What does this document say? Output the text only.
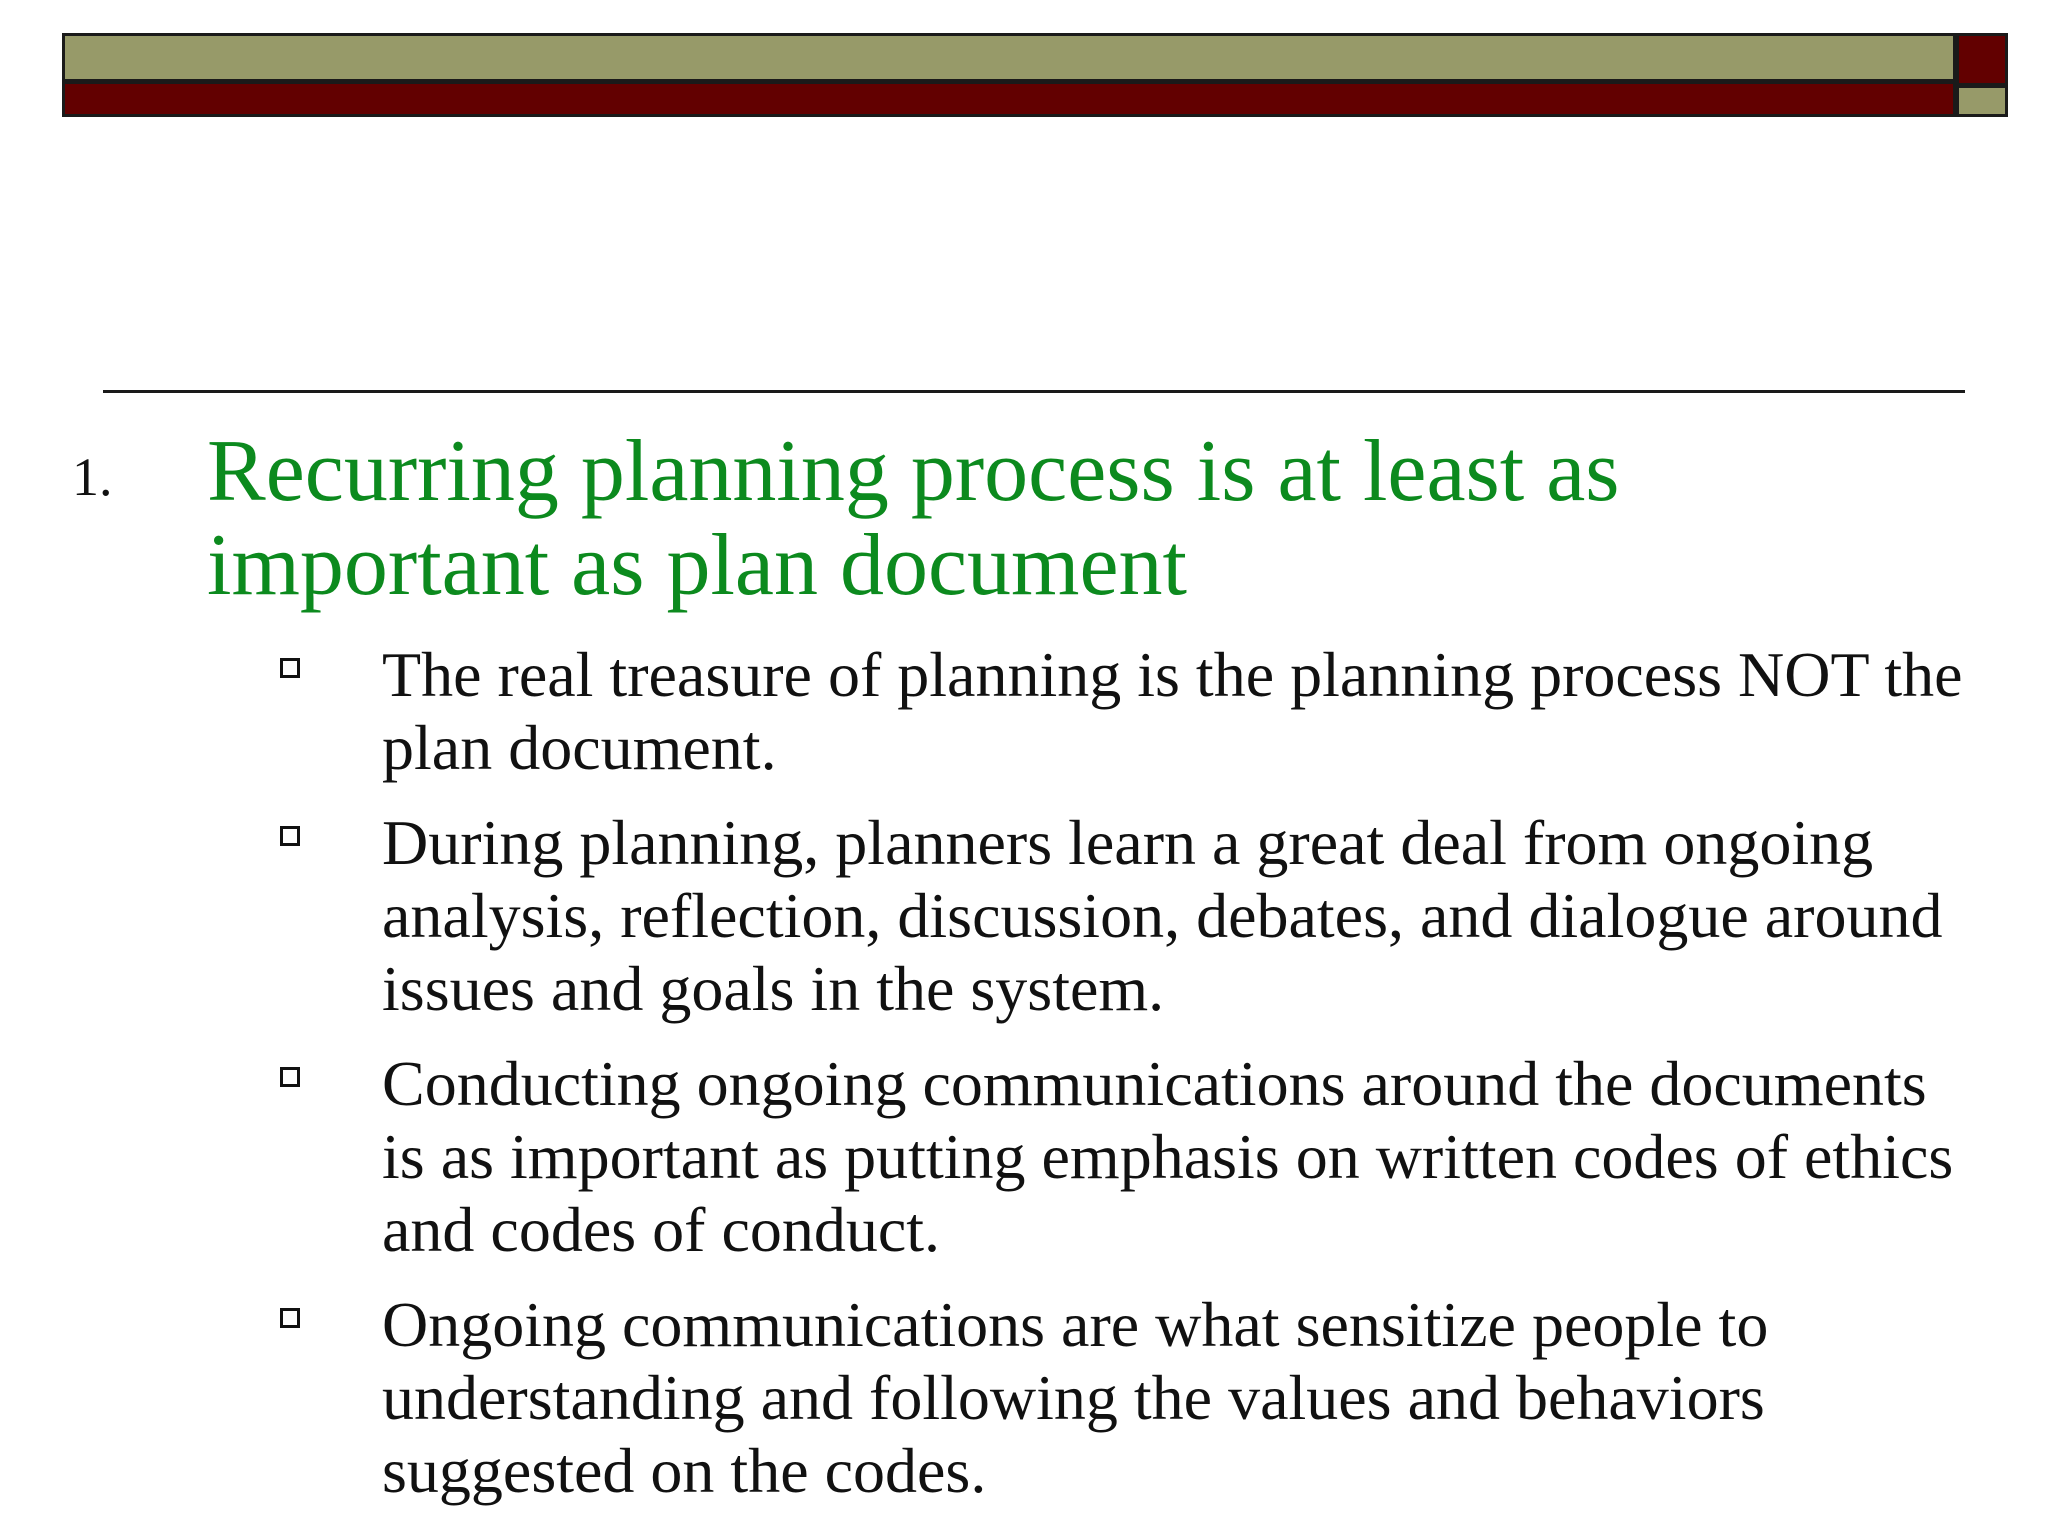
1. Recurring planning process is at least as important as plan document
The real treasure of planning is the planning process NOT the plan document.
During planning, planners learn a great deal from ongoing analysis, reflection, discussion, debates, and dialogue around issues and goals in the system.
Conducting ongoing communications around the documents is as important as putting emphasis on written codes of ethics and codes of conduct.
Ongoing communications are what sensitize people to understanding and following the values and behaviors suggested on the codes.
